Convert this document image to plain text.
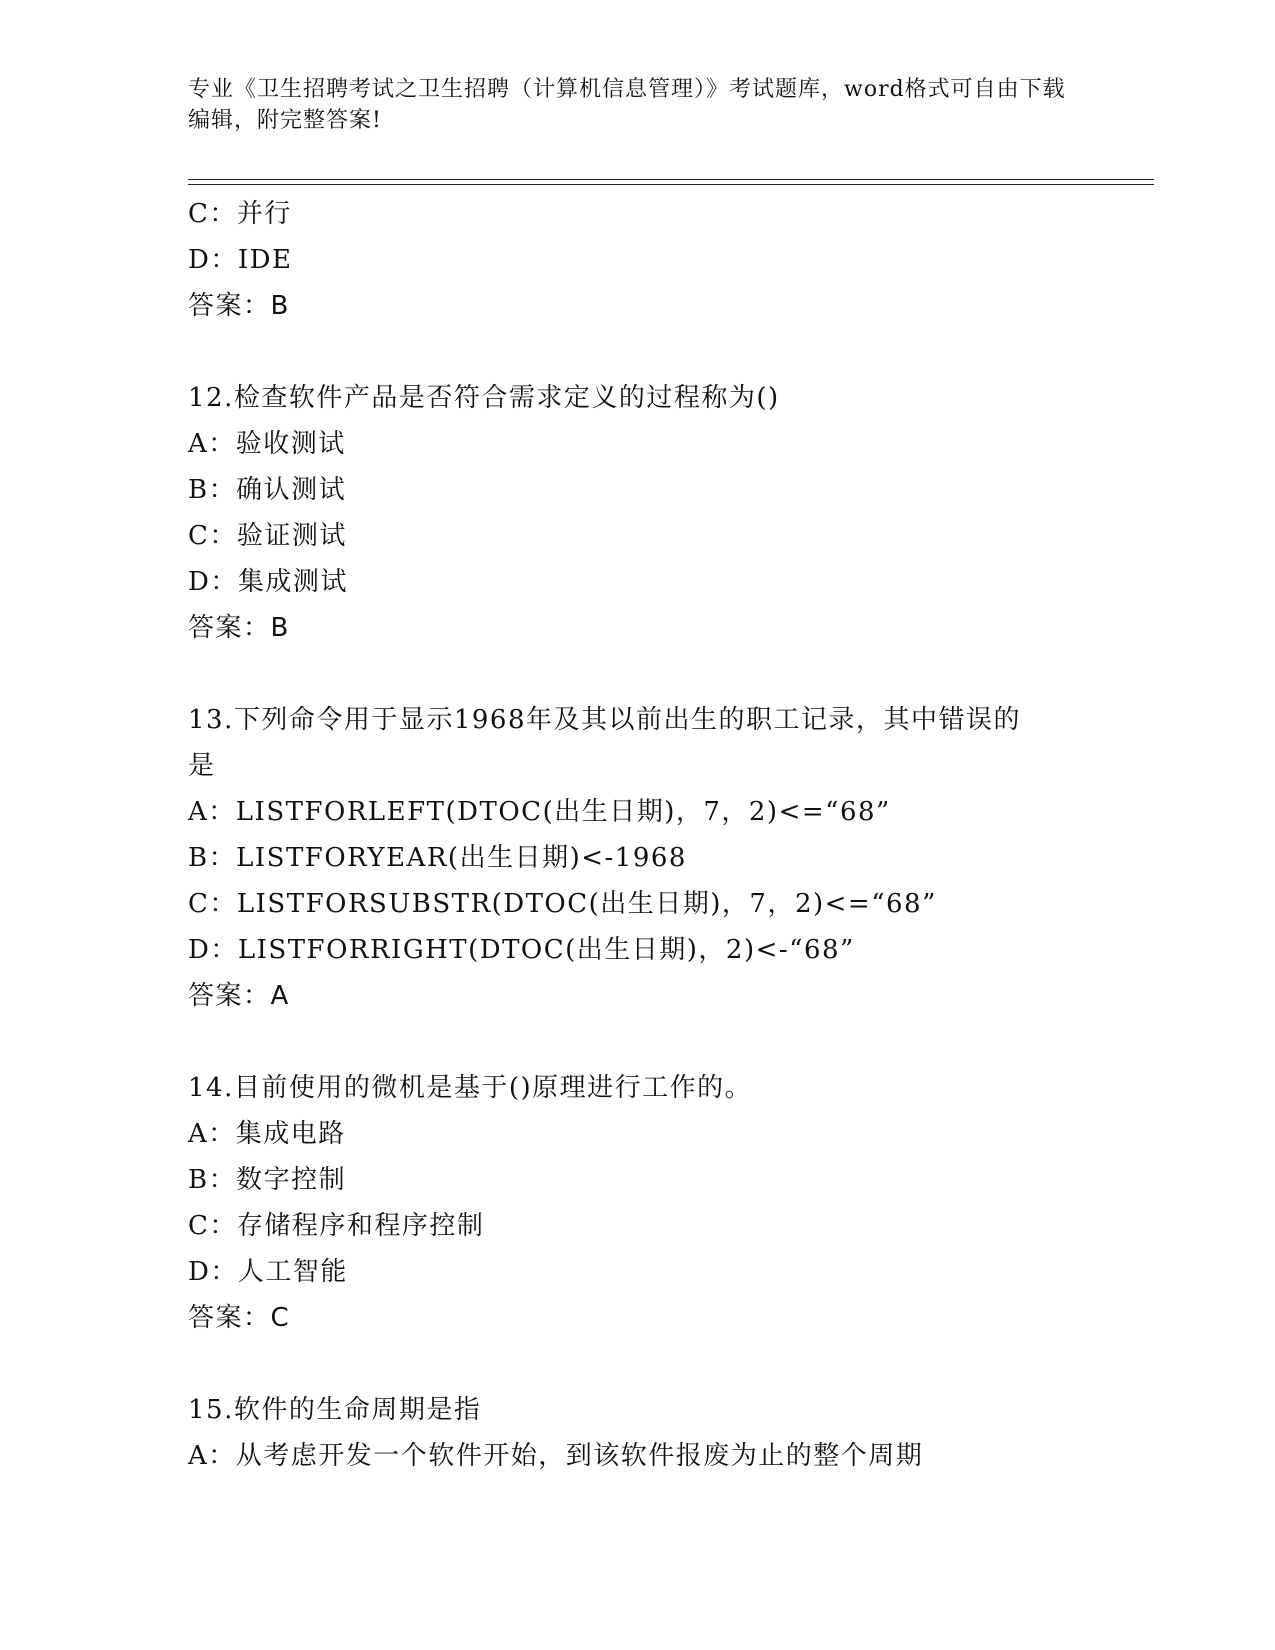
专业《卫生招聘考试之卫生招聘（计算机信息管理）》考试题库，word格式可自由下载编辑，附完整答案!
C：并行
D：IDE
答案：B
12.检查软件产品是否符合需求定义的过程称为()
A：验收测试
B：确认测试
C：验证测试
D：集成测试
答案：B
13.下列命令用于显示1968年及其以前出生的职工记录，其中错误的
是
A：LISTFORLEFT(DTOC(出生日期)，7，2)<=“68”
B：LISTFORYEAR(出生日期)<-1968
C：LISTFORSUBSTR(DTOC(出生日期)，7，2)<=“68”
D：LISTFORRIGHT(DTOC(出生日期)，2)<-“68”
答案：A
14.目前使用的微机是基于()原理进行工作的。
A：集成电路
B：数字控制
C：存储程序和程序控制
D：人工智能
答案：C
15.软件的生命周期是指
A：从考虑开发一个软件开始，到该软件报废为止的整个周期
